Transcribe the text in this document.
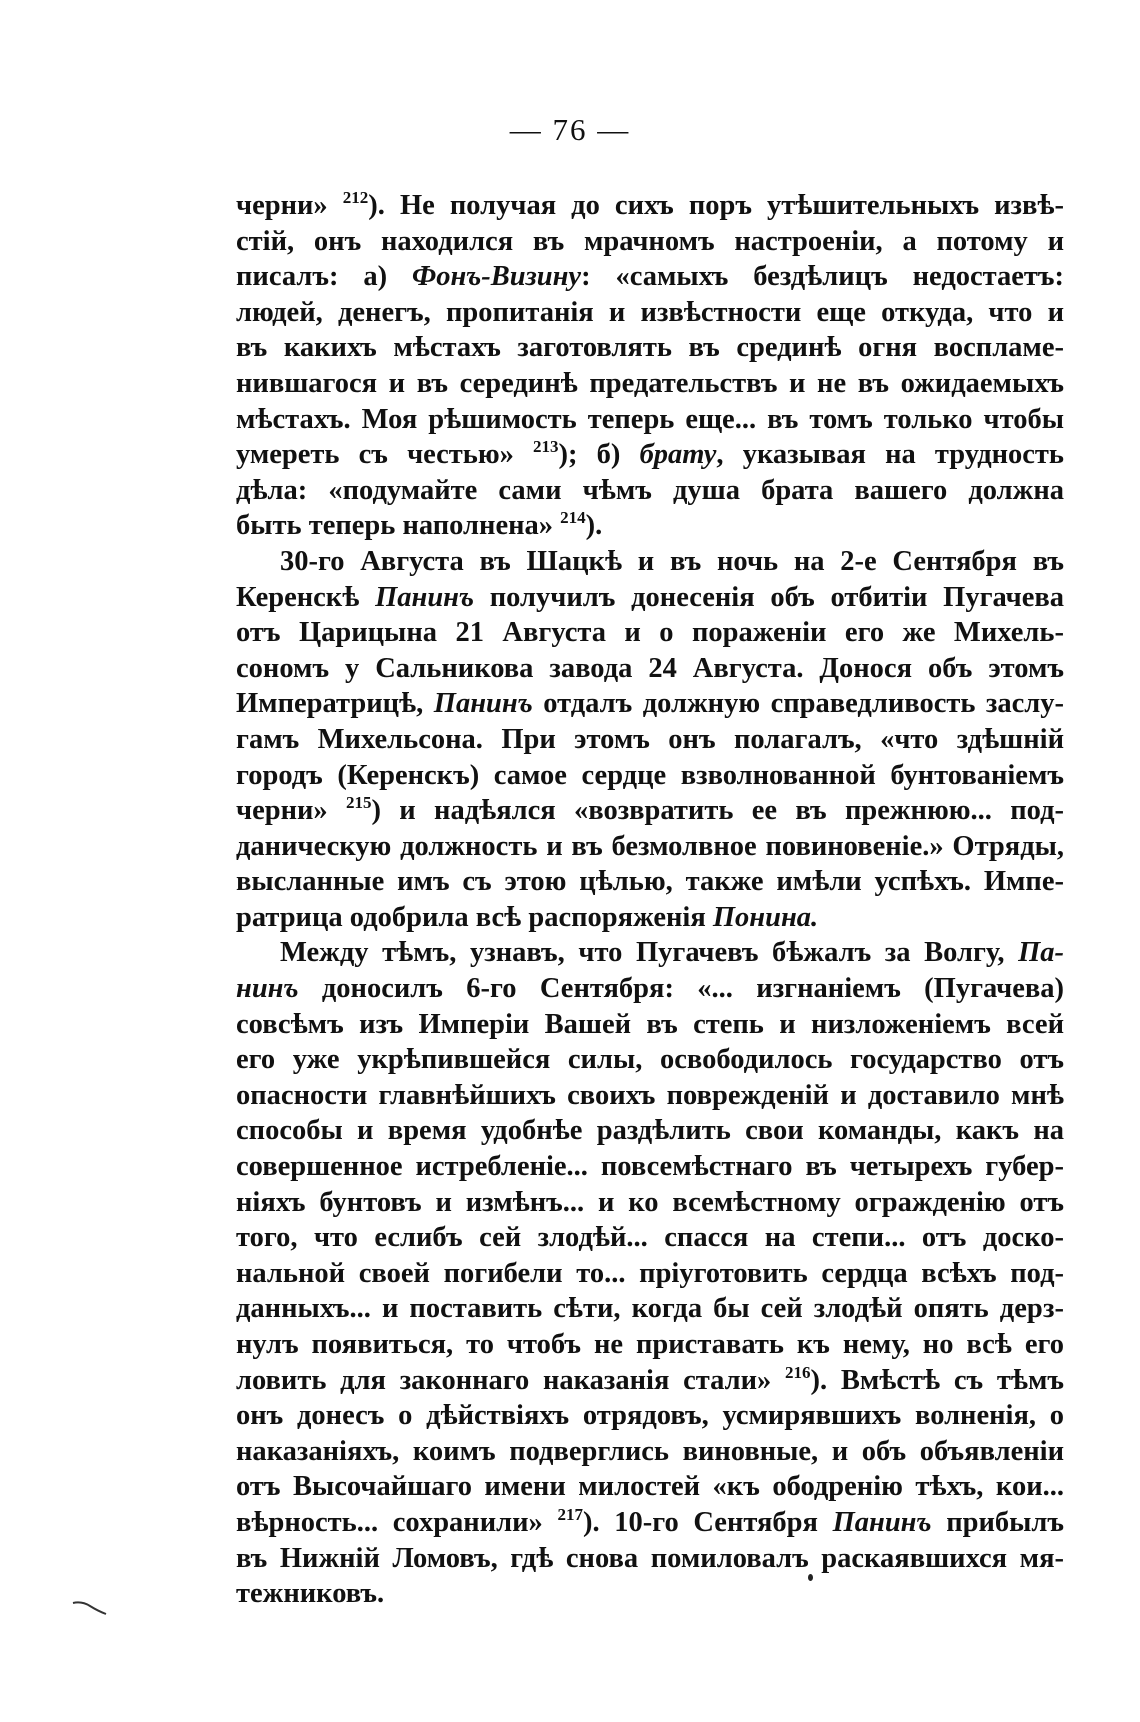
— 76 —
черни» $^{212}$). Не получая до сихъ поръ утѣшительныхъ извѣ-
стій, онъ находился въ мрачномъ настроеніи, а потому и
писалъ: а) Фонъ-Визину: «самыхъ бездѣлицъ недостаетъ:
людей, денегъ, пропитанія и извѣстности еще откуда, что и
въ какихъ мѣстахъ заготовлять въ срединѣ огня воспламе-
нившагося и въ серединѣ предательствъ и не въ ожидаемыхъ
мѣстахъ. Моя рѣшимость теперь еще... въ томъ только чтобы
умереть съ честью» $^{213}$); б) брату, указывая на трудность
дѣла: «подумайте сами чѣмъ душа брата вашего должна
быть теперь наполнена» $^{214}$).
30-го Августа въ Шацкѣ и въ ночь на 2-е Сентября въ
Керенскѣ Панинъ получилъ донесенія объ отбитіи Пугачева
отъ Царицына 21 Августа и о пораженіи его же Михель-
сономъ у Сальникова завода 24 Августа. Донося объ этомъ
Императрицѣ, Панинъ отдалъ должную справедливость заслу-
гамъ Михельсона. При этомъ онъ полагалъ, «что здѣшній
городъ (Керенскъ) самое сердце взволнованной бунтованіемъ
черни» $^{215}$) и надѣялся «возвратить ее въ прежнюю... под-
даническую должность и въ безмолвное повиновеніе.» Отряды,
высланные имъ съ этою цѣлью, также имѣли успѣхъ. Импе-
ратрица одобрила всѣ распоряженія Понина.
Между тѣмъ, узнавъ, что Пугачевъ бѣжалъ за Волгу, Па-
нинъ доносилъ 6-го Сентября: «... изгнаніемъ (Пугачева)
совсѣмъ изъ Имперіи Вашей въ степь и низложеніемъ всей
его уже укрѣпившейся силы, освободилось государство отъ
опасности главнѣйшихъ своихъ поврежденій и доставило мнѣ
способы и время удобнѣе раздѣлить свои команды, какъ на
совершенное истребленіе... повсемѣстнаго въ четырехъ губер-
ніяхъ бунтовъ и измѣнъ... и ко всемѣстному огражденію отъ
того, что еслибъ сей злодѣй... спасся на степи... отъ доско-
нальной своей погибели то... пріуготовить сердца всѣхъ под-
данныхъ... и поставить сѣти, когда бы сей злодѣй опять дерз-
нулъ появиться, то чтобъ не приставать къ нему, но всѣ его
ловить для законнаго наказанія стали» $^{216}$). Вмѣстѣ съ тѣмъ
онъ донесъ о дѣйствіяхъ отрядовъ, усмирявшихъ волненія, о
наказаніяхъ, коимъ подверглись виновные, и объ объявленіи
отъ Высочайшаго имени милостей «къ ободренію тѣхъ, кои...
вѣрность... сохранили» $^{217}$). 10-го Сентября Панинъ прибылъ
въ Нижній Ломовъ, гдѣ снова помиловалъ раскаявшихся мя-
тежниковъ.
